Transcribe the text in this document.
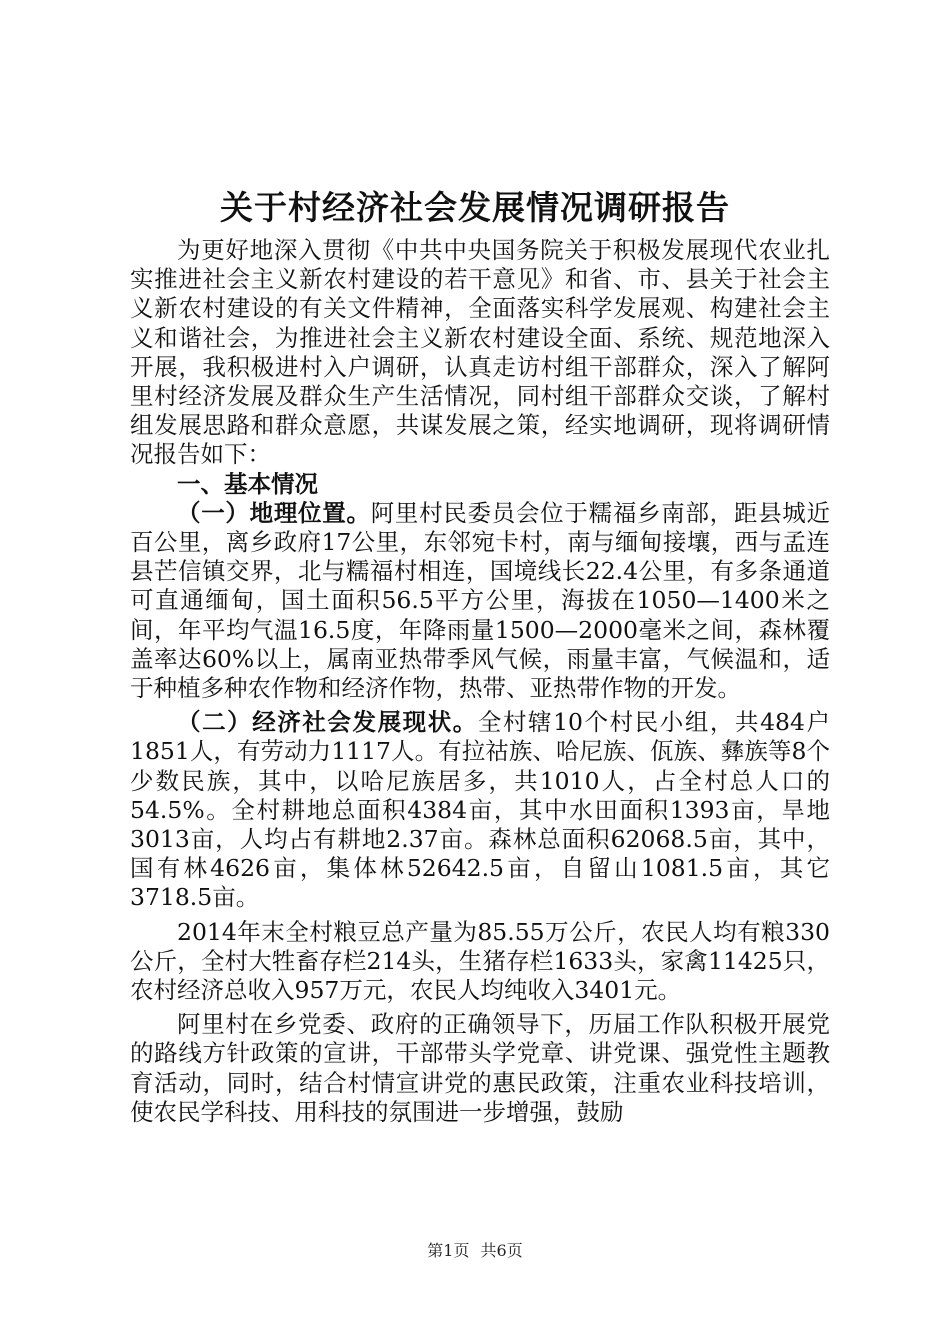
关于村经济社会发展情况调研报告

为更好地深入贯彻《中共中央国务院关于积极发展现代农业扎实推进社会主义新农村建设的若干意见》和省、市、县关于社会主义新农村建设的有关文件精神，全面落实科学发展观、构建社会主义和谐社会，为推进社会主义新农村建设全面、系统、规范地深入开展，我积极进村入户调研，认真走访村组干部群众，深入了解阿里村经济发展及群众生产生活情况，同村组干部群众交谈，了解村组发展思路和群众意愿，共谋发展之策，经实地调研，现将调研情况报告如下：

一、基本情况

（一）地理位置。阿里村民委员会位于糯福乡南部，距县城近百公里，离乡政府17公里，东邻宛卡村，南与缅甸接壤，西与孟连县芒信镇交界，北与糯福村相连，国境线长22.4公里，有多条通道可直通缅甸，国土面积56.5平方公里，海拔在1050—1400米之间，年平均气温16.5度，年降雨量1500—2000毫米之间，森林覆盖率达60%以上，属南亚热带季风气候，雨量丰富，气候温和，适于种植多种农作物和经济作物，热带、亚热带作物的开发。

（二）经济社会发展现状。全村辖10个村民小组，共484户1851人，有劳动力1117人。有拉祜族、哈尼族、佤族、彝族等8个少数民族，其中，以哈尼族居多，共1010人，占全村总人口的54.5%。全村耕地总面积4384亩，其中水田面积1393亩，旱地3013亩，人均占有耕地2.37亩。森林总面积62068.5亩，其中，国有林4626亩，集体林52642.5亩，自留山1081.5亩，其它3718.5亩。

2014年末全村粮豆总产量为85.55万公斤，农民人均有粮330公斤，全村大牲畜存栏214头，生猪存栏1633头，家禽11425只，农村经济总收入957万元，农民人均纯收入3401元。

阿里村在乡党委、政府的正确领导下，历届工作队积极开展党的路线方针政策的宣讲，干部带头学党章、讲党课、强党性主题教育活动，同时，结合村情宣讲党的惠民政策，注重农业科技培训，使农民学科技、用科技的氛围进一步增强，鼓励

第1页 共6页
